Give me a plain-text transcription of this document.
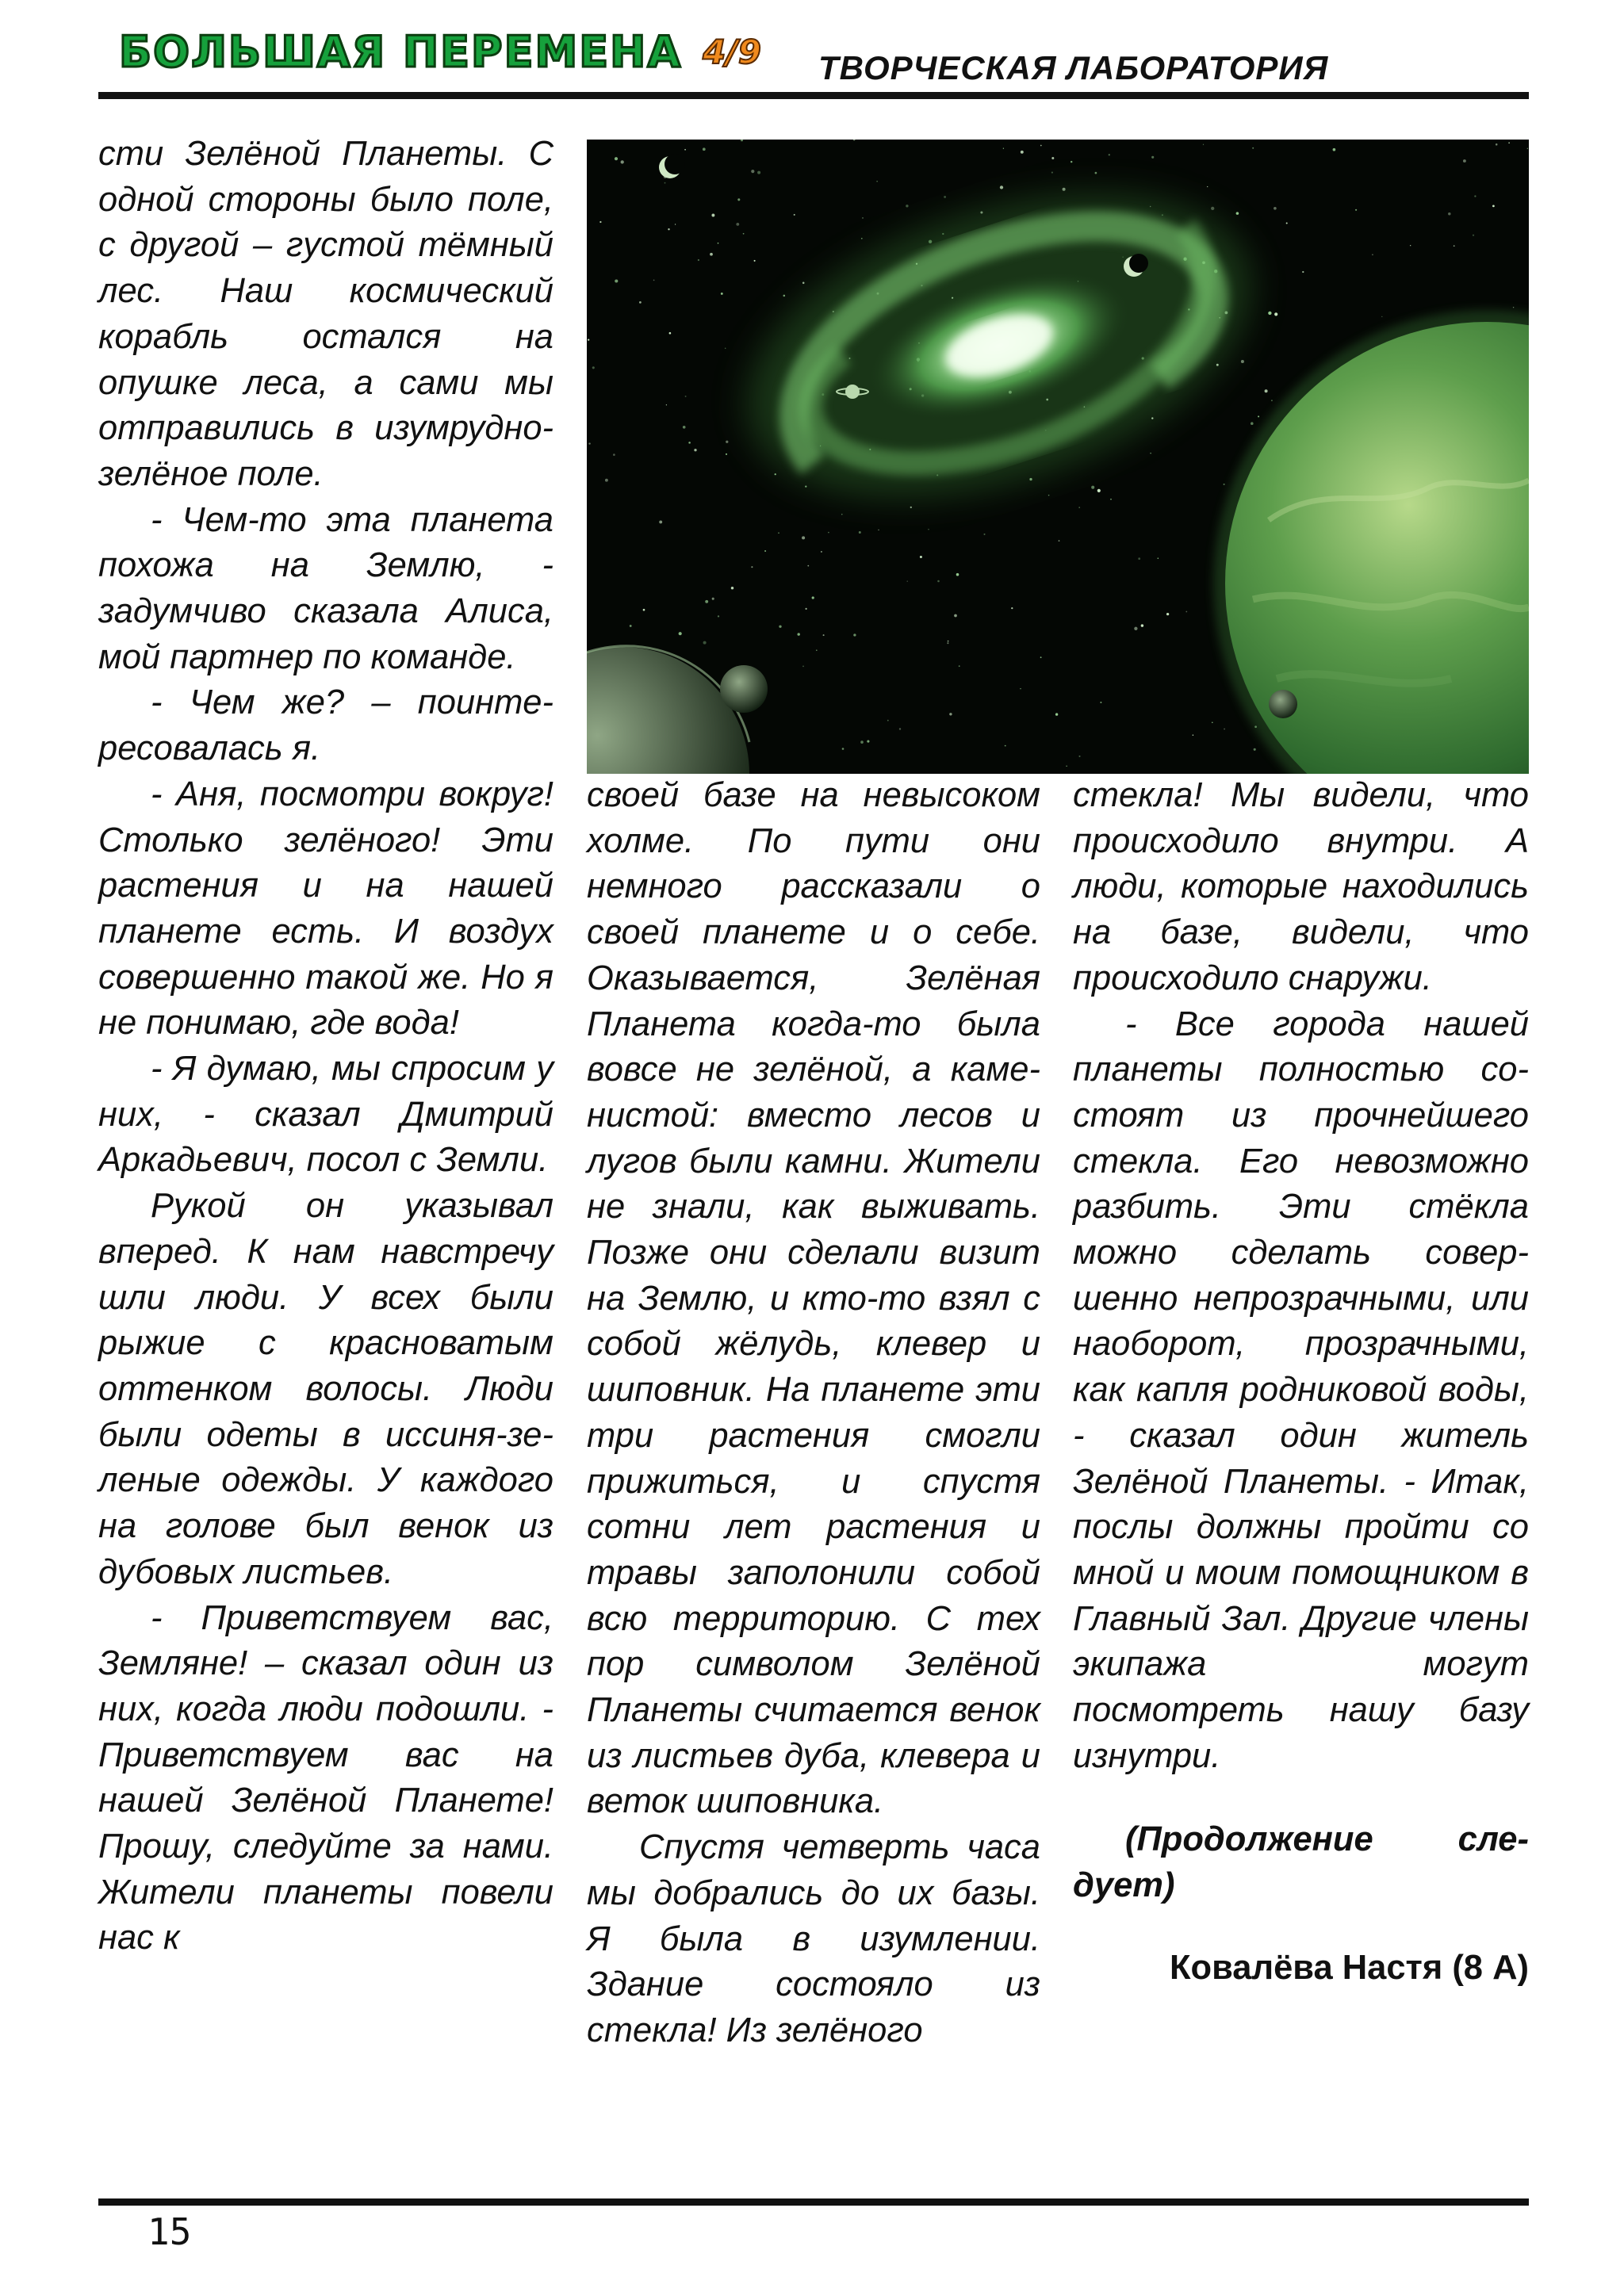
БОЛЬШАЯ ПЕРЕМЕНА 4/9 ТВОРЧЕСКАЯ ЛАБОРАТОРИЯ

сти Зелёной Планеты. С одной стороны было поле, с другой – густой тёмный лес. Наш космический корабль остался на опушке леса, а сами мы отправились в изумрудно-зелёное поле.

- Чем-то эта планета похожа на Землю, - задумчиво сказала Алиса, мой партнер по команде.

- Чем же? – поинтересовалась я.

- Аня, посмотри вокруг! Столько зелёного! Эти растения и на нашей планете есть. И воздух совершенно такой же. Но я не понимаю, где вода!

- Я думаю, мы спросим у них, - сказал Дмитрий Аркадьевич, посол с Земли.

Рукой он указывал вперед. К нам навстречу шли люди. У всех были рыжие с красноватым оттенком волосы. Люди были одеты в иссиня-зеленые одежды. У каждого на голове был венок из дубовых листьев.

- Приветствуем вас, Земляне! – сказал один из них, когда люди подошли. - Приветствуем вас на нашей Зелёной Планете! Прошу, следуйте за нами. Жители планеты повели нас к

своей базе на невысоком холме. По пути они немного рассказали о своей планете и о себе. Оказывается, Зелёная Планета когда-то была вовсе не зелёной, а каменистой: вместо лесов и лугов были камни. Жители не знали, как выживать. Позже они сделали визит на Землю, и кто-то взял с собой жёлудь, клевер и шиповник. На планете эти три растения смогли прижиться, и спустя сотни лет растения и травы заполонили собой всю территорию. С тех пор символом Зелёной Планеты считается венок из листьев дуба, клевера и веток шиповника.

Спустя четверть часа мы добрались до их базы. Я была в изумлении. Здание состояло из стекла! Из зелёного

стекла! Мы видели, что происходило внутри. А люди, которые находились на базе, видели, что происходило снаружи.

- Все города нашей планеты полностью состоят из прочнейшего стекла. Его невозможно разбить. Эти стёкла можно сделать совершенно непрозрачными, или наоборот, прозрачными, как капля родниковой воды, - сказал один житель Зелёной Планеты. - Итак, послы должны пройти со мной и моим помощником в Главный Зал. Другие члены экипажа могут посмотреть нашу базу изнутри.

(Продолжение следует)

Ковалёва Настя (8 А)

15
